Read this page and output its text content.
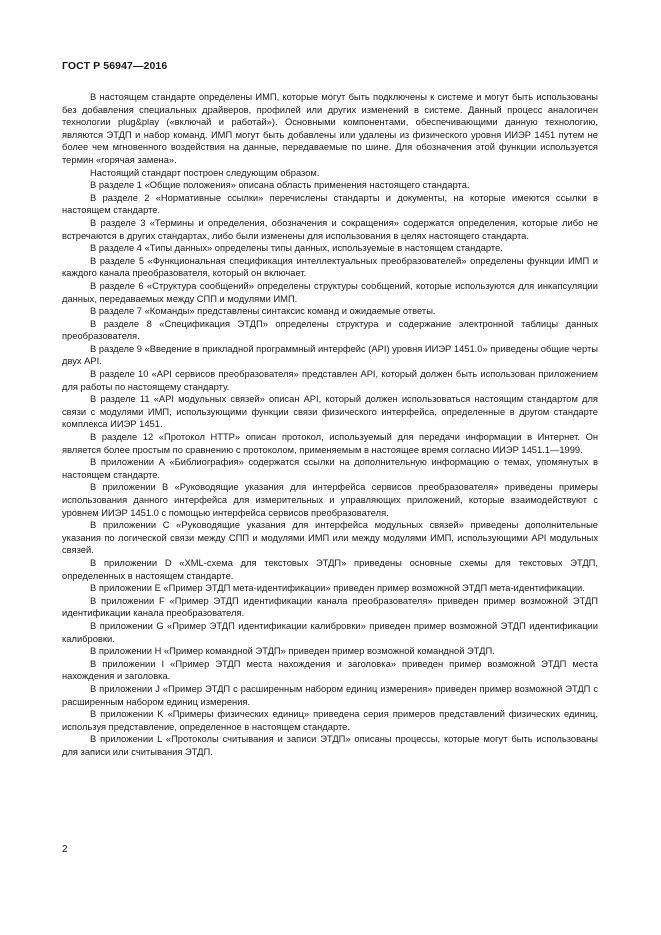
ГОСТ Р 56947—2016

В настоящем стандарте определены ИМП, которые могут быть подключены к системе и могут быть использованы без добавления специальных драйверов, профилей или других изменений в системе. Данный процесс аналогичен технологии plug&play («включай и работай»). Основными компонентами, обеспечивающими данную технологию, являются ЭТДП и набор команд. ИМП могут быть добавлены или удалены из физического уровня ИИЭР 1451 путем не более чем мгновенного воздействия на данные, передаваемые по шине. Для обозначения этой функции используется термин «горячая замена».

Настоящий стандарт построен следующим образом.

В разделе 1 «Общие положения» описана область применения настоящего стандарта.

В разделе 2 «Нормативные ссылки» перечислены стандарты и документы, на которые имеются ссылки в настоящем стандарте.

В разделе 3 «Термины и определения, обозначения и сокращения» содержатся определения, которые либо не встречаются в других стандартах, либо были изменены для использования в целях настоящего стандарта.

В разделе 4 «Типы данных» определены типы данных, используемые в настоящем стандарте.

В разделе 5 «Функциональная спецификация интеллектуальных преобразователей» определены функции ИМП и каждого канала преобразователя, который он включает.

В разделе 6 «Структура сообщений» определены структуры сообщений, которые используются для инкапсуляции данных, передаваемых между СПП и модулями ИМП.

В разделе 7 «Команды» представлены синтаксис команд и ожидаемые ответы.

В разделе 8 «Спецификация ЭТДП» определены структура и содержание электронной таблицы данных преобразователя.

В разделе 9 «Введение в прикладной программный интерфейс (API) уровня ИИЭР 1451.0» приведены общие черты двух API.

В разделе 10 «API сервисов преобразователя» представлен API, который должен быть использован приложением для работы по настоящему стандарту.

В разделе 11 «API модульных связей» описан API, который должен использоваться настоящим стандартом для связи с модулями ИМП, использующими функции связи физического интерфейса, определенные в другом стандарте комплекса ИИЭР 1451.

В разделе 12 «Протокол HTTP» описан протокол, используемый для передачи информации в Интернет. Он является более простым по сравнению с протоколом, применяемым в настоящее время согласно ИИЭР 1451.1—1999.

В приложении А «Библиография» содержатся ссылки на дополнительную информацию о темах, упомянутых в настоящем стандарте.

В приложении В «Руководящие указания для интерфейса сервисов преобразователя» приведены примеры использования данного интерфейса для измерительных и управляющих приложений, которые взаимодействуют с уровнем ИИЭР 1451.0 с помощью интерфейса сервисов преобразователя.

В приложении С «Руководящие указания для интерфейса модульных связей» приведены дополнительные указания по логической связи между СПП и модулями ИМП или между модулями ИМП, использующими API модульных связей.

В приложении D «XML-схема для текстовых ЭТДП» приведены основные схемы для текстовых ЭТДП, определенных в настоящем стандарте.

В приложении Е «Пример ЭТДП мета-идентификации» приведен пример возможной ЭТДП мета-идентификации.

В приложении F «Пример ЭТДП идентификации канала преобразователя» приведен пример возможной ЭТДП идентификации канала преобразователя.

В приложении G «Пример ЭТДП идентификации калибровки» приведен пример возможной ЭТДП идентификации калибровки.

В приложении Н «Пример командной ЭТДП» приведен пример возможной командной ЭТДП.

В приложении I «Пример ЭТДП места нахождения и заголовка» приведен пример возможной ЭТДП места нахождения и заголовка.

В приложении J «Пример ЭТДП с расширенным набором единиц измерения» приведен пример возможной ЭТДП с расширенным набором единиц измерения.

В приложении K «Примеры физических единиц» приведена серия примеров представлений физических единиц, используя представление, определенное в настоящем стандарте.

В приложении L «Протоколы считывания и записи ЭТДП» описаны процессы, которые могут быть использованы для записи или считывания ЭТДП.

2
